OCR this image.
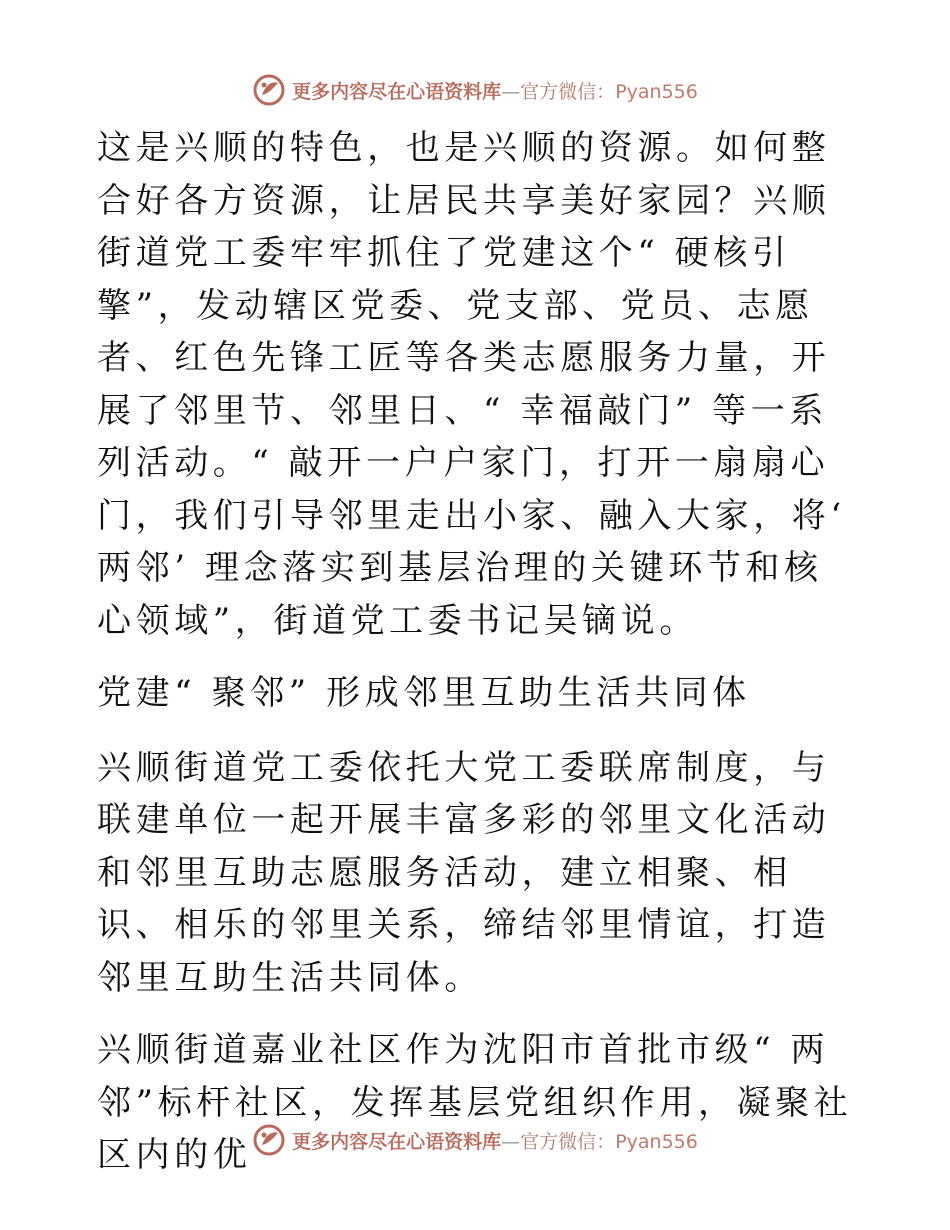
更多内容尽在心语资料库—官方微信：Pyan556

这是兴顺的特色，也是兴顺的资源。如何整合好各方资源，让居民共享美好家园？兴顺街道党工委牢牢抓住了党建这个“ 硬核引擎”，发动辖区党委、党支部、党员、志愿者、红色先锋工匠等各类志愿服务力量，开展了邻里节、邻里日、“ 幸福敲门” 等一系列活动。“ 敲开一户户家门，打开一扇扇心门，我们引导邻里走出小家、融入大家，将‘ 两邻’ 理念落实到基层治理的关键环节和核心领域”，街道党工委书记吴镝说。

党建“ 聚邻” 形成邻里互助生活共同体

兴顺街道党工委依托大党工委联席制度，与联建单位一起开展丰富多彩的邻里文化活动和邻里互助志愿服务活动，建立相聚、相识、相乐的邻里关系，缔结邻里情谊，打造邻里互助生活共同体。

兴顺街道嘉业社区作为沈阳市首批市级“ 两邻”标杆社区，发挥基层党组织作用，凝聚社区内的优	更多内容尽在心语资料库—官方微信：Pyan556
